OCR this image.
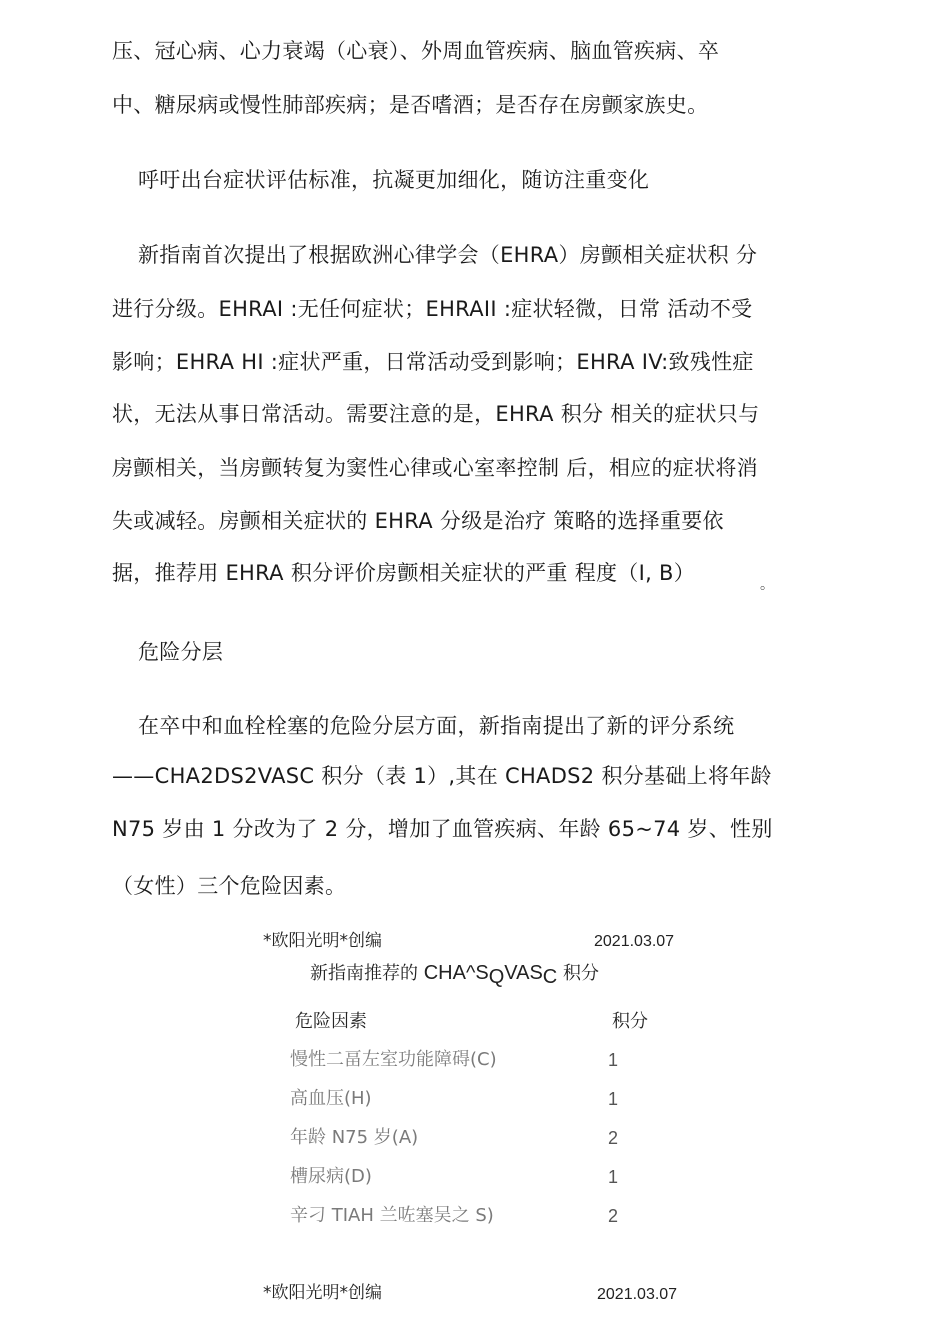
压、冠心病、心力衰竭（心衰）、外周血管疾病、脑血管疾病、卒
中、糖尿病或慢性肺部疾病；是否嗜酒；是否存在房颤家族史。
呼吁出台症状评估标准，抗凝更加细化，随访注重变化
新指南首次提出了根据欧洲心律学会（EHRA）房颤相关症状积 分
进行分级。EHRAI :无任何症状；EHRAII :症状轻微，日常 活动不受
影响；EHRA HI :症状严重，日常活动受到影响；EHRA IV:致残性症
状，无法从事日常活动。需要注意的是，EHRA 积分 相关的症状只与
房颤相关，当房颤转复为窦性心律或心室率控制 后，相应的症状将消
失或减轻。房颤相关症状的 EHRA 分级是治疗 策略的选择重要依
据，推荐用 EHRA 积分评价房颤相关症状的严重 程度（I, B）	。
危险分层
在卒中和血栓栓塞的危险分层方面，新指南提出了新的评分系统
——CHA2DS2VASC 积分（表 1）,其在 CHADS2 积分基础上将年龄
N75 岁由 1 分改为了 2 分，增加了血管疾病、年龄 65~74 岁、性别
（女性）三个危险因素。
*欧阳光明*创编	2021.03.07
新指南推荐的 $CHA\^{}S_QVAS_C$ 积分
危险因素	积分
慢性二畐左室功能障碍(C)	1
高血压(H)	1
年龄 N75 岁(A)	2
槽尿病(D)	1
辛刁 TIAH 兰咗塞吴之 S)	2
*欧阳光明*创编	2021.03.07
